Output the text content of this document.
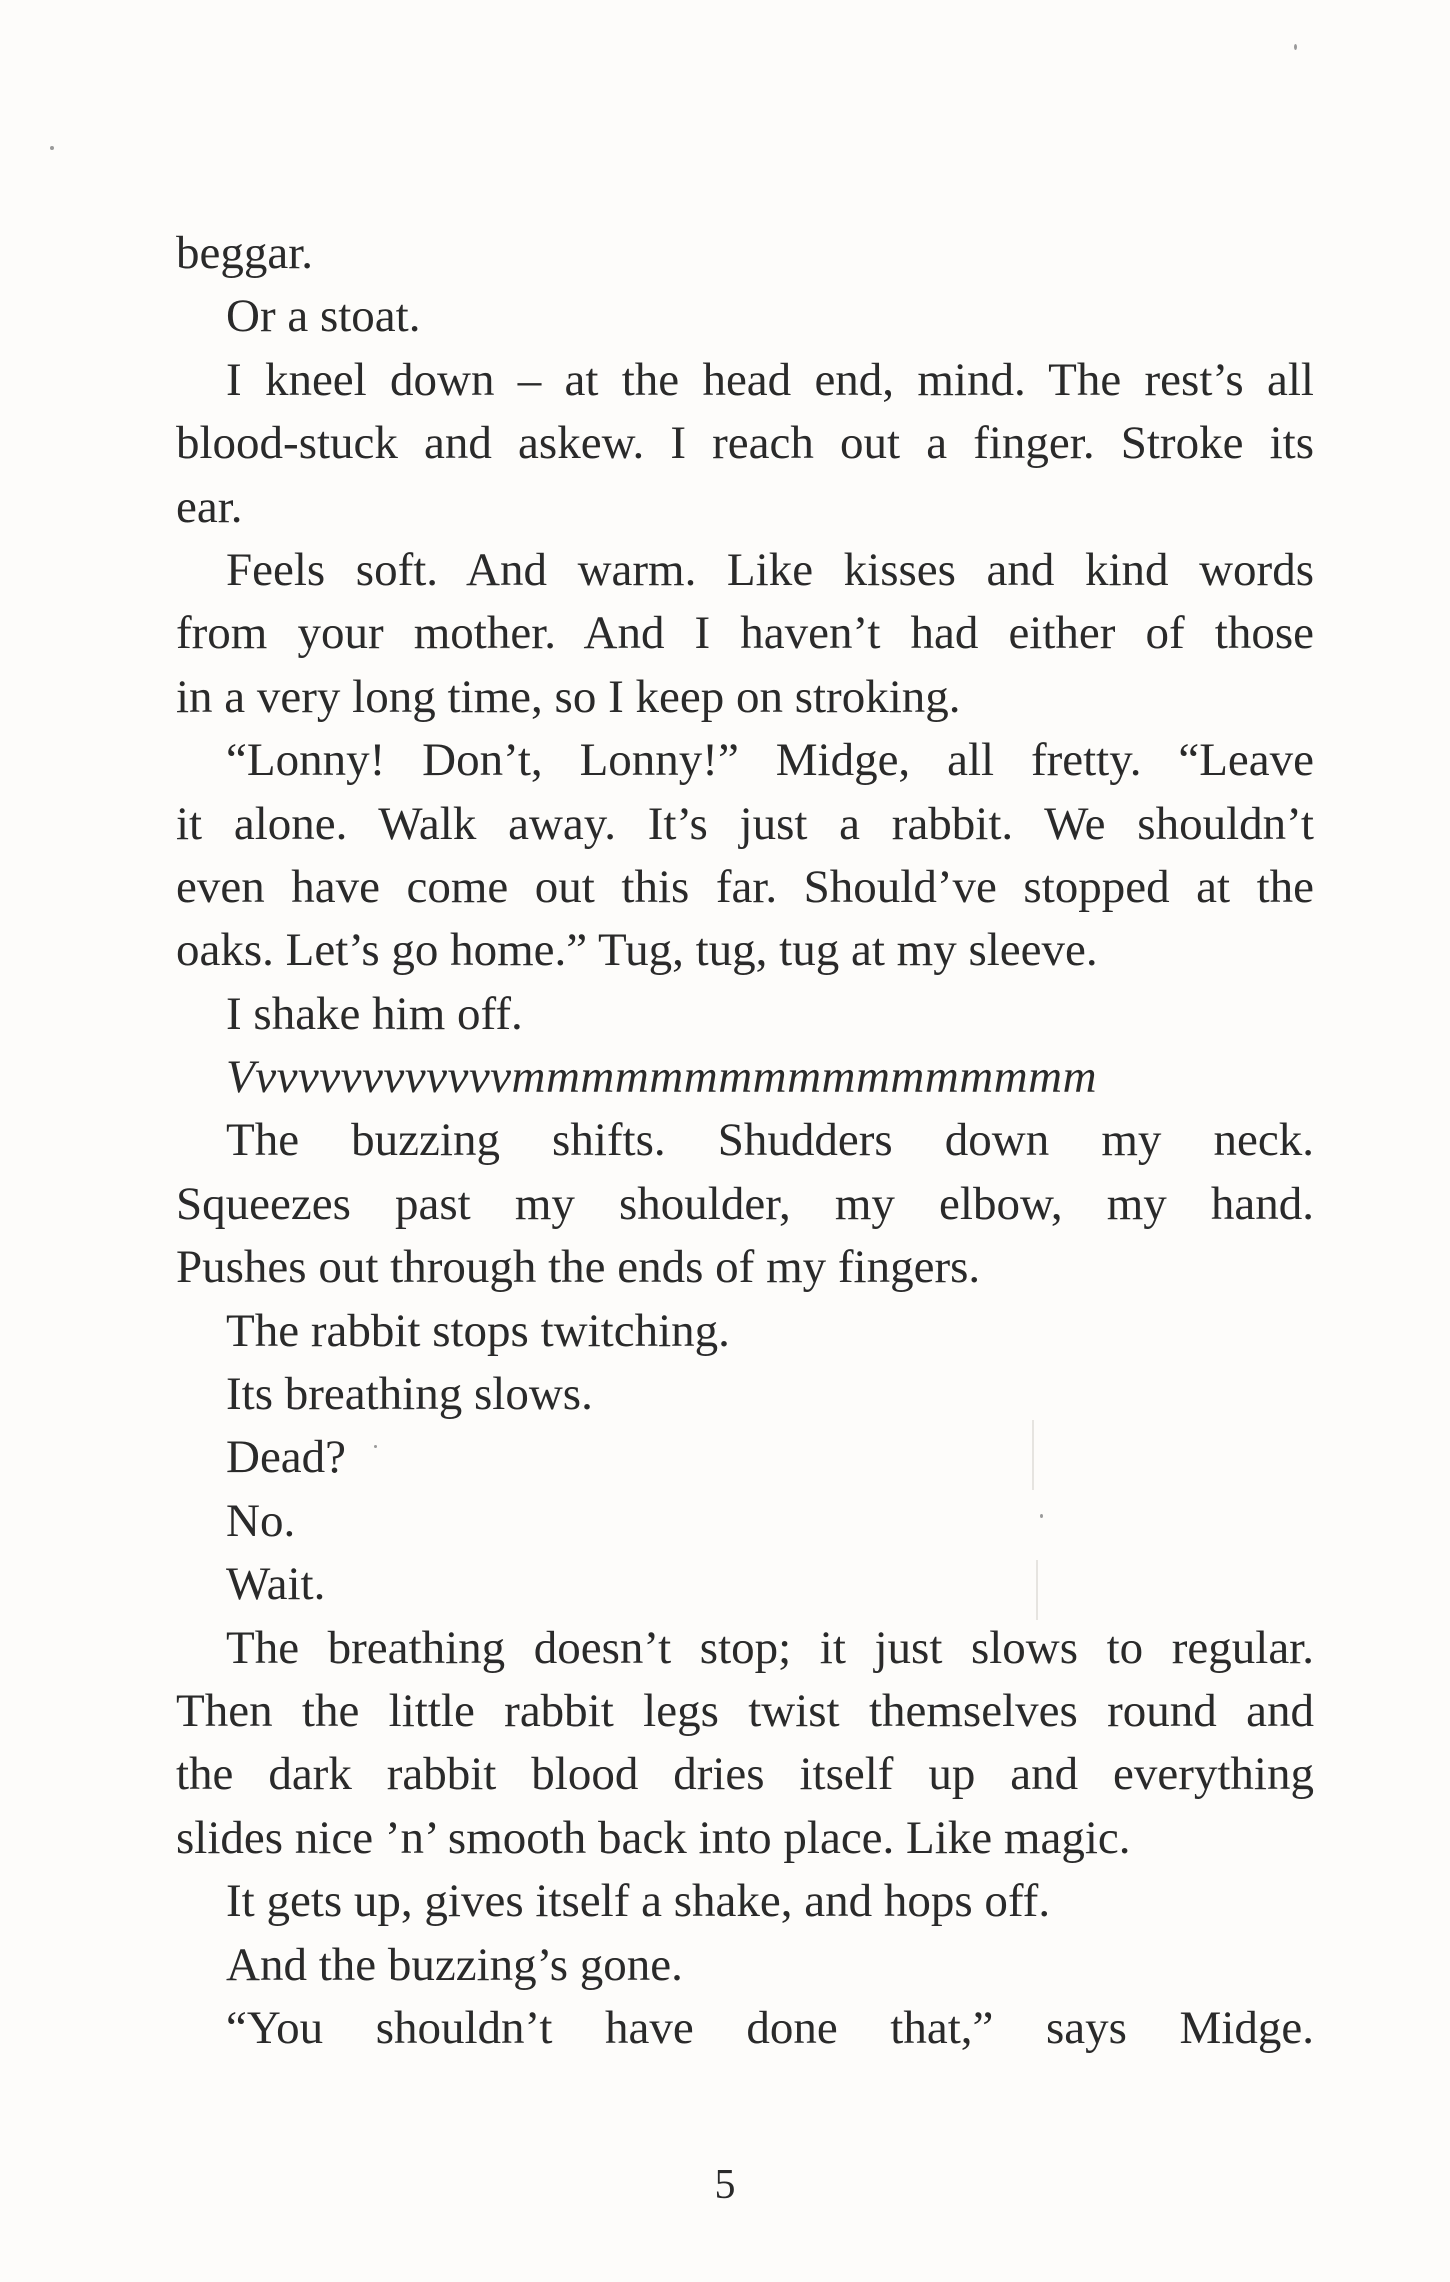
beggar.
Or a stoat.
I kneel down – at the head end, mind. The rest’s all
blood-stuck and askew. I reach out a finger. Stroke its
ear.
Feels soft. And warm. Like kisses and kind words
from your mother. And I haven’t had either of those
in a very long time, so I keep on stroking.
“Lonny! Don’t, Lonny!” Midge, all fretty. “Leave
it alone. Walk away. It’s just a rabbit. We shouldn’t
even have come out this far. Should’ve stopped at the
oaks. Let’s go home.” Tug, tug, tug at my sleeve.
I shake him off.
Vvvvvvvvvvvvvmmmmmmmmmmmmmmmmm
The buzzing shifts. Shudders down my neck.
Squeezes past my shoulder, my elbow, my hand.
Pushes out through the ends of my fingers.
The rabbit stops twitching.
Its breathing slows.
Dead?
No.
Wait.
The breathing doesn’t stop; it just slows to regular.
Then the little rabbit legs twist themselves round and
the dark rabbit blood dries itself up and everything
slides nice ’n’ smooth back into place. Like magic.
It gets up, gives itself a shake, and hops off.
And the buzzing’s gone.
“You shouldn’t have done that,” says Midge.
5
